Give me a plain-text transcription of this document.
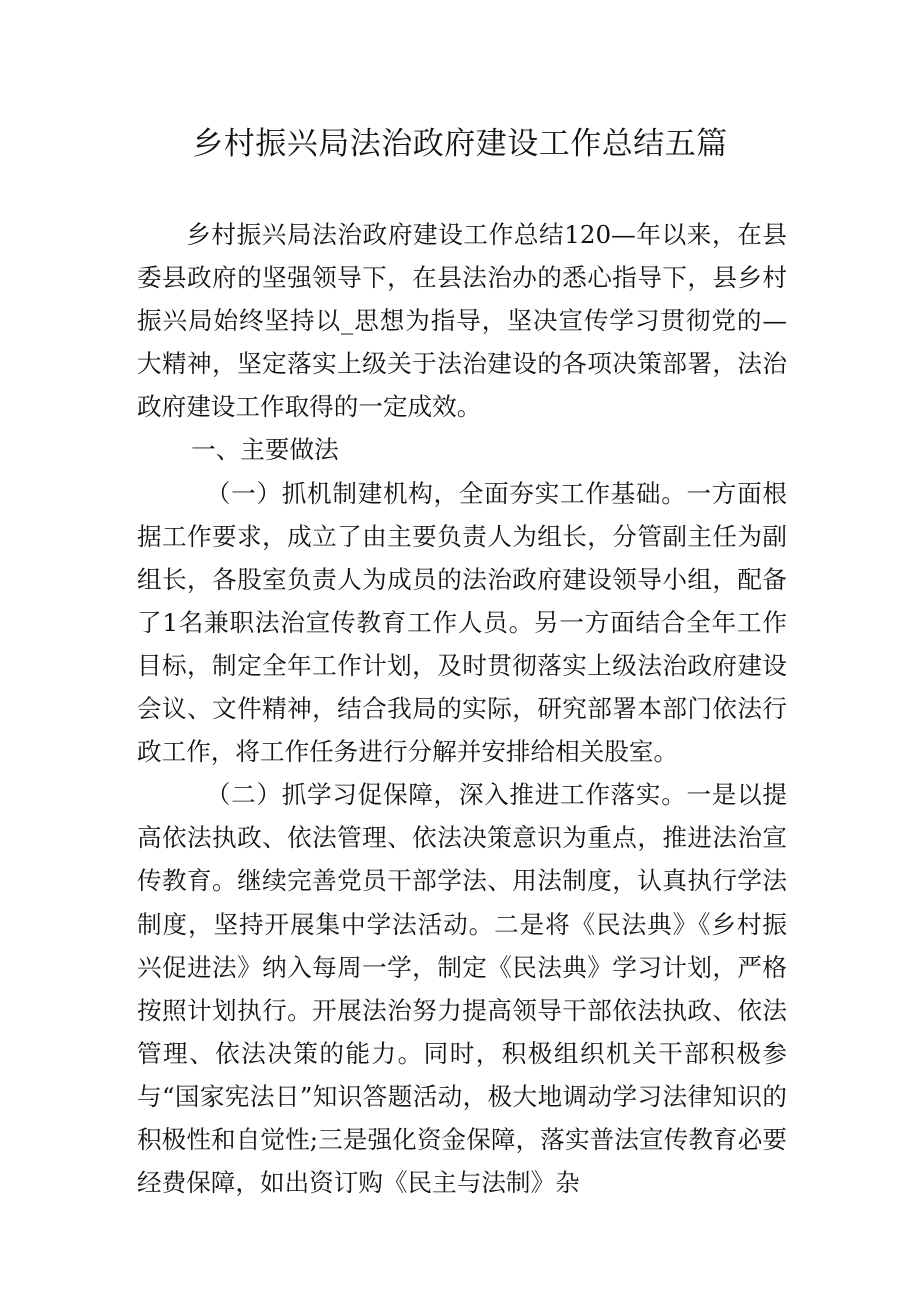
乡村振兴局法治政府建设工作总结五篇

乡村振兴局法治政府建设工作总结120—年以来，在县委县政府的坚强领导下，在县法治办的悉心指导下，县乡村振兴局始终坚持以_思想为指导，坚决宣传学习贯彻党的—大精神，坚定落实上级关于法治建设的各项决策部署，法治政府建设工作取得的一定成效。

一、主要做法

（一）抓机制建机构，全面夯实工作基础。一方面根据工作要求，成立了由主要负责人为组长，分管副主任为副组长，各股室负责人为成员的法治政府建设领导小组，配备了1名兼职法治宣传教育工作人员。另一方面结合全年工作目标，制定全年工作计划，及时贯彻落实上级法治政府建设会议、文件精神，结合我局的实际，研究部署本部门依法行政工作，将工作任务进行分解并安排给相关股室。

（二）抓学习促保障，深入推进工作落实。一是以提高依法执政、依法管理、依法决策意识为重点，推进法治宣传教育。继续完善党员干部学法、用法制度，认真执行学法制度，坚持开展集中学法活动。二是将《民法典》《乡村振兴促进法》纳入每周一学，制定《民法典》学习计划，严格按照计划执行。开展法治努力提高领导干部依法执政、依法管理、依法决策的能力。同时，积极组织机关干部积极参与“国家宪法日”知识答题活动，极大地调动学习法律知识的积极性和自觉性;三是强化资金保障，落实普法宣传教育必要经费保障，如出资订购《民主与法制》杂
